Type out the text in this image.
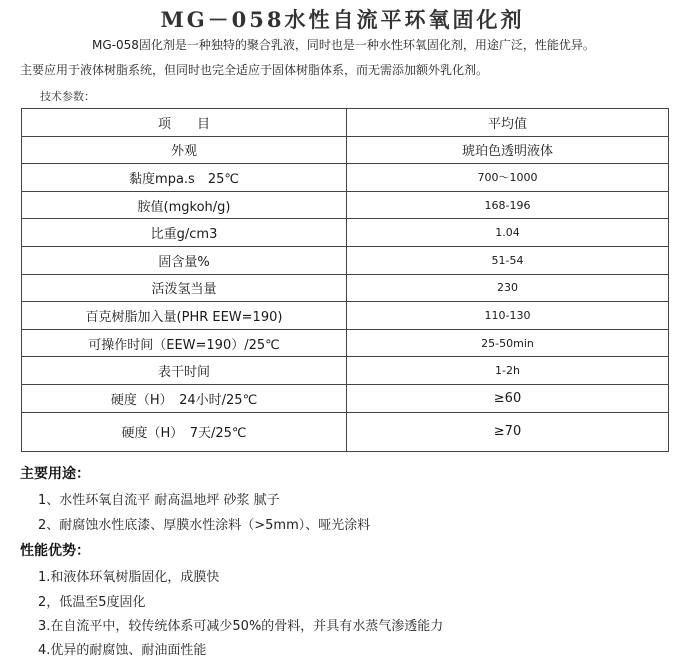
MG－058水性自流平环氧固化剂
MG-058固化剂是一种独特的聚合乳液，同时也是一种水性环氧固化剂，用途广泛，性能优异。
主要应用于液体树脂系统，但同时也完全适应于固体树脂体系，而无需添加额外乳化剂。
技术参数：
项　　目	平均值
外观	琥珀色透明液体
黏度mpa.s　25℃	700～1000
胺值(mgkoh/g)	168-196
比重g/cm3	1.04
固含量%	51-54
活泼氢当量	230
百克树脂加入量(PHR EEW=190)	110-130
可操作时间（EEW=190）/25℃	25-50min
表干时间	1-2h
硬度（H）　24小时/25℃	≥60
硬度（H）　7天/25℃	≥70
主要用途：
1、水性环氧自流平 耐高温地坪 砂浆 腻子
2、耐腐蚀水性底漆、厚膜水性涂料（>5mm）、哑光涂料
性能优势：
1.和液体环氧树脂固化，成膜快
2，低温至5度固化
3.在自流平中，较传统体系可减少50%的骨料，并具有水蒸气渗透能力
4.优异的耐腐蚀、耐油面性能
